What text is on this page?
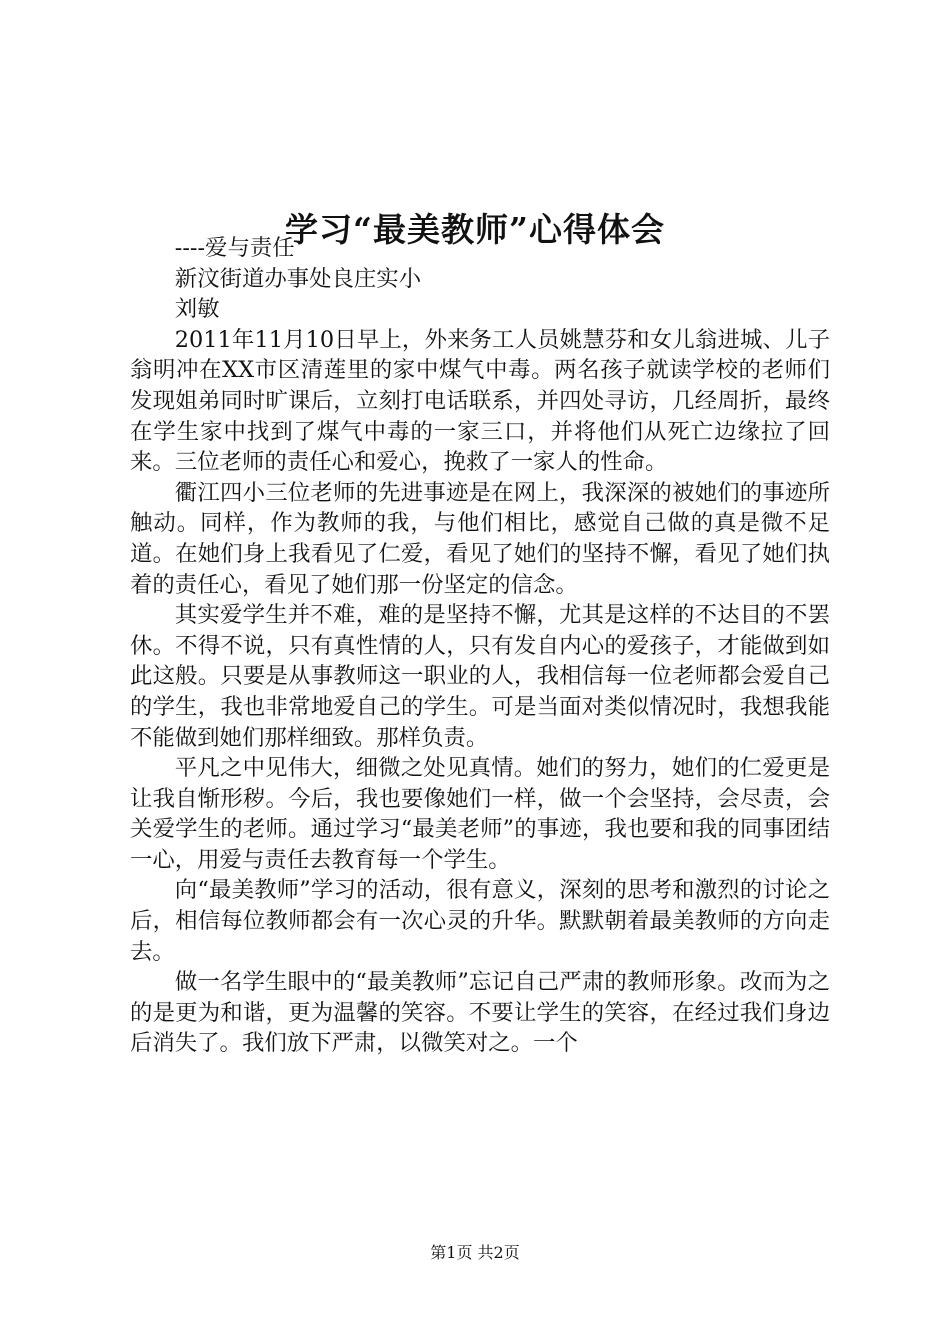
学习“最美教师”心得体会

----爱与责任

新汶街道办事处良庄实小

刘敏

2011年11月10日早上，外来务工人员姚慧芬和女儿翁进城、儿子翁明冲在XX市区清莲里的家中煤气中毒。两名孩子就读学校的老师们发现姐弟同时旷课后，立刻打电话联系，并四处寻访，几经周折，最终在学生家中找到了煤气中毒的一家三口，并将他们从死亡边缘拉了回来。三位老师的责任心和爱心，挽救了一家人的性命。

衢江四小三位老师的先进事迹是在网上，我深深的被她们的事迹所触动。同样，作为教师的我，与他们相比，感觉自己做的真是微不足道。在她们身上我看见了仁爱，看见了她们的坚持不懈，看见了她们执着的责任心，看见了她们那一份坚定的信念。

其实爱学生并不难，难的是坚持不懈，尤其是这样的不达目的不罢休。不得不说，只有真性情的人，只有发自内心的爱孩子，才能做到如此这般。只要是从事教师这一职业的人，我相信每一位老师都会爱自己的学生，我也非常地爱自己的学生。可是当面对类似情况时，我想我能不能做到她们那样细致。那样负责。

平凡之中见伟大，细微之处见真情。她们的努力，她们的仁爱更是让我自惭形秽。今后，我也要像她们一样，做一个会坚持，会尽责，会关爱学生的老师。通过学习“最美老师”的事迹，我也要和我的同事团结一心，用爱与责任去教育每一个学生。

向“最美教师”学习的活动，很有意义，深刻的思考和激烈的讨论之后，相信每位教师都会有一次心灵的升华。默默朝着最美教师的方向走去。

做一名学生眼中的“最美教师”忘记自己严肃的教师形象。改而为之的是更为和谐，更为温馨的笑容。不要让学生的笑容，在经过我们身边后消失了。我们放下严肃，以微笑对之。一个

第1页 共2页
